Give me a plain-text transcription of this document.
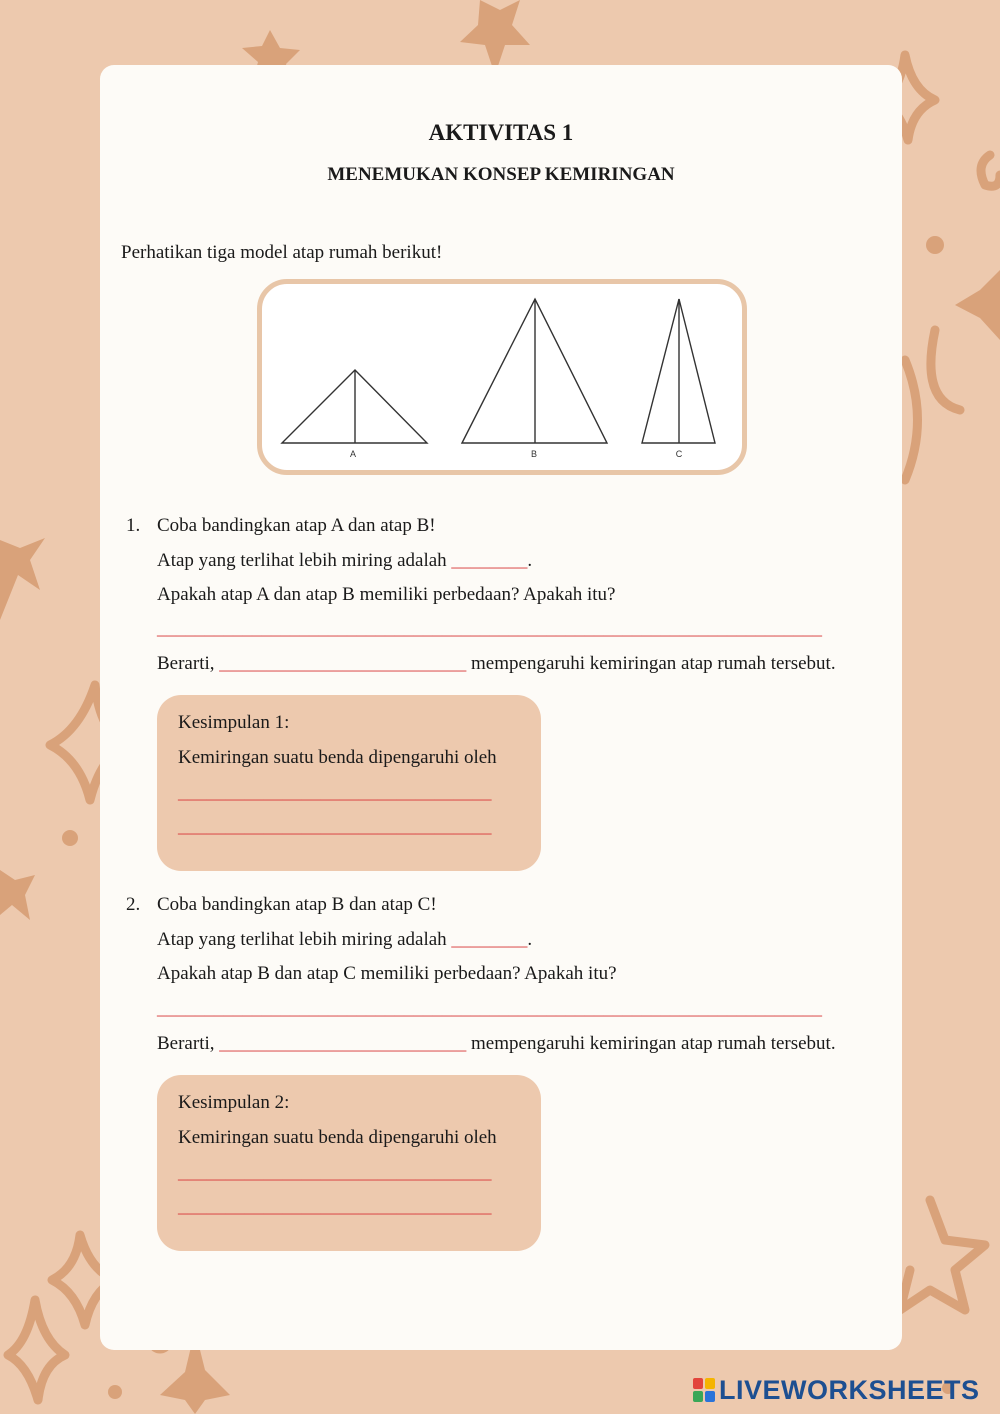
AKTIVITAS 1
MENEMUKAN KONSEP KEMIRINGAN
Perhatikan tiga model atap rumah berikut!
A	B	C
1. Coba bandingkan atap A dan atap B!
Atap yang terlihat lebih miring adalah ________.
Apakah atap A dan atap B memiliki perbedaan? Apakah itu?
______________________________________________________________________
Berarti, __________________________ mempengaruhi kemiringan atap rumah tersebut.
Kesimpulan 1:
Kemiringan suatu benda dipengaruhi oleh
_________________________________
_________________________________
2. Coba bandingkan atap B dan atap C!
Atap yang terlihat lebih miring adalah ________.
Apakah atap B dan atap C memiliki perbedaan? Apakah itu?
______________________________________________________________________
Berarti, __________________________ mempengaruhi kemiringan atap rumah tersebut.
Kesimpulan 2:
Kemiringan suatu benda dipengaruhi oleh
_________________________________
_________________________________
LIVEWORKSHEETS
